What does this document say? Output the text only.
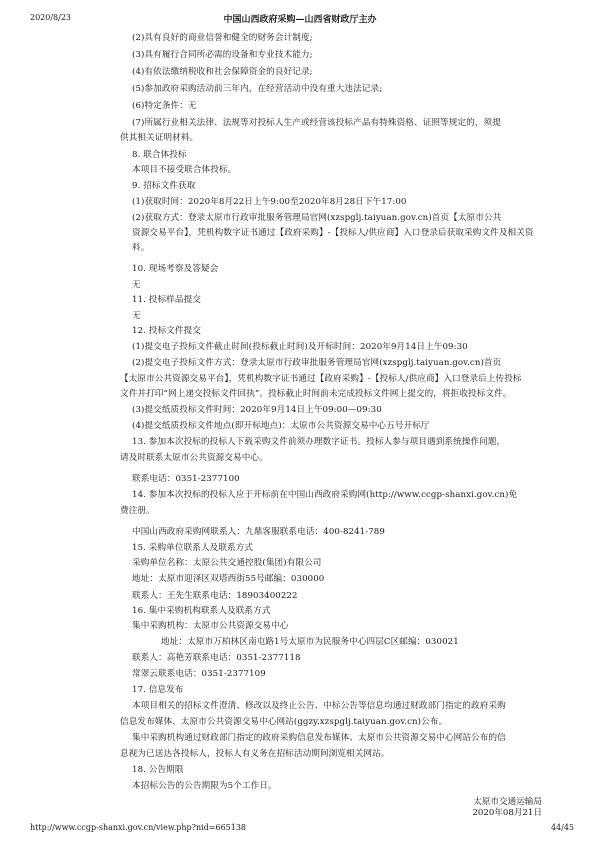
2020/8/23	中国山西政府采购—山西省财政厅主办
(2)具有良好的商业信誉和健全的财务会计制度;
(3)具有履行合同所必需的设备和专业技术能力;
(4)有依法缴纳税收和社会保障资金的良好记录;
(5)参加政府采购活动前三年内，在经营活动中没有重大违法记录;
(6)特定条件：无
(7)所属行业相关法律、法规等对投标人生产或经营该投标产品有特殊资格、证照等规定的，须提
供其相关证明材料。
8. 联合体投标
本项目不接受联合体投标。
9. 招标文件获取
(1)获取时间：2020年8月22日上午9:00至2020年8月28日下午17:00
(2)获取方式：登录太原市行政审批服务管理局官网(xzspglj.taiyuan.gov.cn)首页【太原市公共
资源交易平台】，凭机构数字证书通过【政府采购】-【投标人/供应商】入口登录后获取采购文件及相关资
料。
10. 现场考察及答疑会
无
11. 投标样品提交
无
12. 投标文件提交
(1)提交电子投标文件截止时间(投标截止时间)及开标时间：2020年9月14日上午09:30
(2)提交电子投标文件方式：登录太原市行政审批服务管理局官网(xzspglj.taiyuan.gov.cn)首页
【太原市公共资源交易平台】，凭机构数字证书通过【政府采购】-【投标人/供应商】入口登录后上传投标
文件并打印“网上递交投标文件回执”。投标截止时间前未完成投标文件网上提交的，将拒收投标文件。
(3)提交纸质投标文件时间：2020年9月14日上午09:00—09:30
(4)提交纸质投标文件地点(即开标地点)：太原市公共资源交易中心五号开标厅
13. 参加本次投标的投标人下载采购文件前须办理数字证书。投标人参与项目遇到系统操作问题，
请及时联系太原市公共资源交易中心。
联系电话：0351-2377100
14. 参加本次投标的投标人应于开标前在中国山西政府采购网(http://www.ccgp-shanxi.gov.cn)免
费注册。
中国山西政府采购网联系人：九鼎客服联系电话：400-8241-789
15. 采购单位联系人及联系方式
采购单位名称：太原公共交通控股(集团)有限公司
地址：太原市迎泽区双塔西街55号邮编：030000
联系人：王先生联系电话：18903400222
16. 集中采购机构联系人及联系方式
集中采购机构：太原市公共资源交易中心
地址：太原市万柏林区南屯路1号太原市为民服务中心四层C区邮编：030021
联系人：高艳芳联系电话：0351-2377118
常翠云联系电话：0351-2377109
17. 信息发布
本项目相关的招标文件澄清、修改以及终止公告、中标公告等信息均通过财政部门指定的政府采购
信息发布媒体、太原市公共资源交易中心网站(ggzy.xzspglj.taiyuan.gov.cn)公布。
集中采购机构通过财政部门指定的政府采购信息发布媒体、太原市公共资源交易中心网站公布的信
息视为已送达各投标人，投标人有义务在招标活动期间浏览相关网站。
18. 公告期限
本招标公告的公告期限为5个工作日。
太原市交通运输局
2020年08月21日
http://www.ccgp-shanxi.gov.cn/view.php?nid=665138	44/45
